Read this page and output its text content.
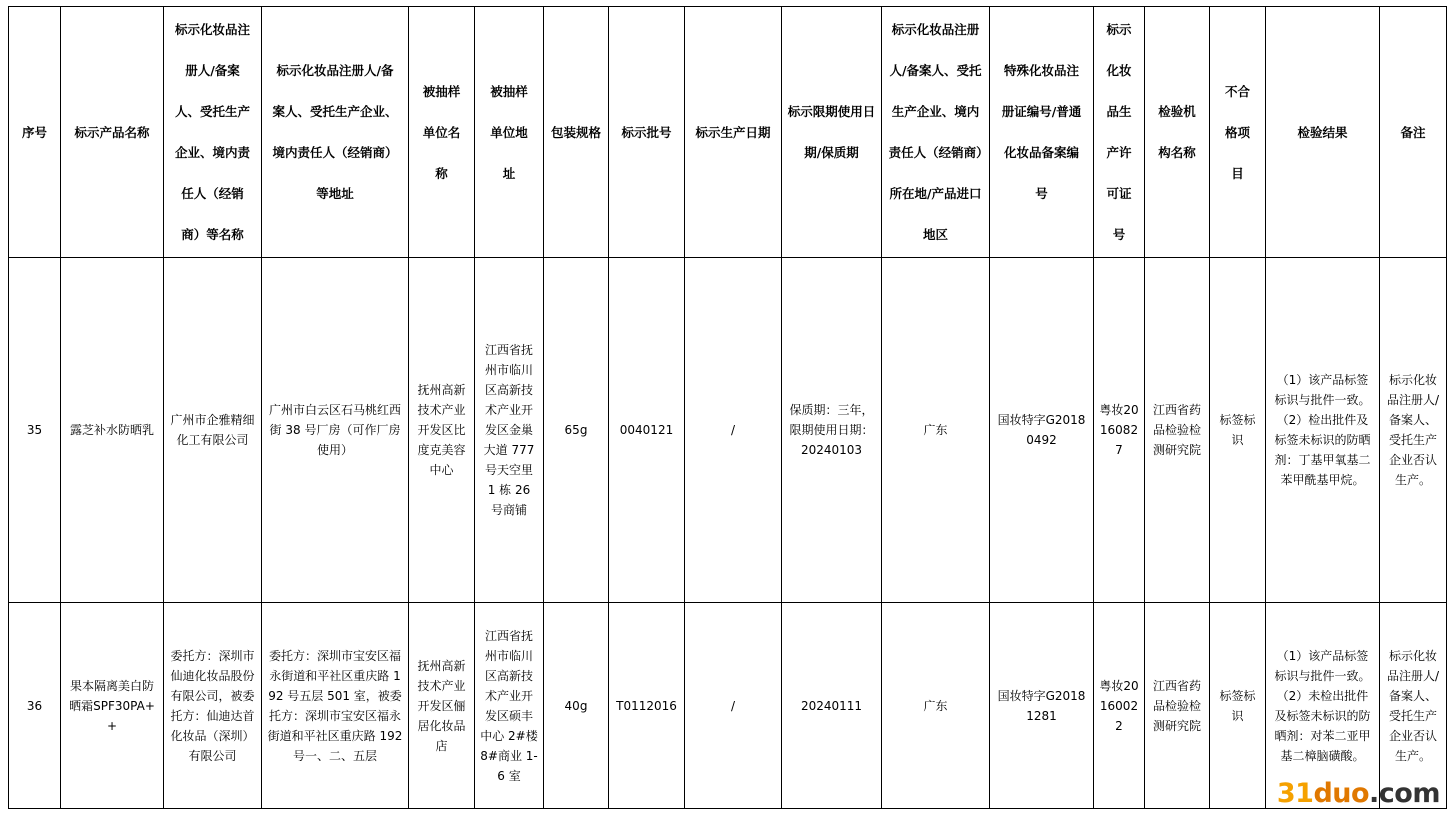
序号	标示产品名称	标示化妆品注册人/备案人、受托生产企业、境内责任人（经销商）等名称	标示化妆品注册人/备案人、受托生产企业、境内责任人（经销商）等地址	被抽样单位名称	被抽样单位地址	包装规格	标示批号	标示生产日期	标示限期使用日期/保质期	标示化妆品注册人/备案人、受托生产企业、境内责任人（经销商）所在地/产品进口地区	特殊化妆品注册证编号/普通化妆品备案编号	标示化妆品生产许可证号	检验机构名称	不合格项目	检验结果	备注
35	露芝补水防晒乳	广州市企雅精细化工有限公司	广州市白云区石马桃红西街 38 号厂房（可作厂房使用）	抚州高新技术产业开发区比度克美容中心	江西省抚州市临川区高新技术产业开发区金巢大道 777 号天空里 1 栋 26 号商铺	65g	0040121	/	保质期：三年，限期使用日期：20240103	广东	国妆特字G20180492	粤妆20160827	江西省药品检验检测研究院	标签标识	（1）该产品标签标识与批件一致。（2）检出批件及标签未标识的防晒剂：丁基甲氧基二苯甲酰基甲烷。	标示化妆品注册人/备案人、受托生产企业否认生产。
36	果本隔离美白防晒霜SPF30PA++	委托方：深圳市仙迪化妆品股份有限公司，被委托方：仙迪达首化妆品（深圳）有限公司	委托方：深圳市宝安区福永街道和平社区重庆路 192 号五层 501 室，被委托方：深圳市宝安区福永街道和平社区重庆路 192 号一、二、五层	抚州高新技术产业开发区俪居化妆品店	江西省抚州市临川区高新技术产业开发区硕丰中心 2#楼 8#商业 1-6 室	40g	T0112016	/	20240111	广东	国妆特字G20181281	粤妆20160022	江西省药品检验检测研究院	标签标识	（1）该产品标签标识与批件一致。（2）未检出批件及标签未标识的防晒剂：对苯二亚甲基二樟脑磺酸。	标示化妆品注册人/备案人、受托生产企业否认生产。
31duo.com
